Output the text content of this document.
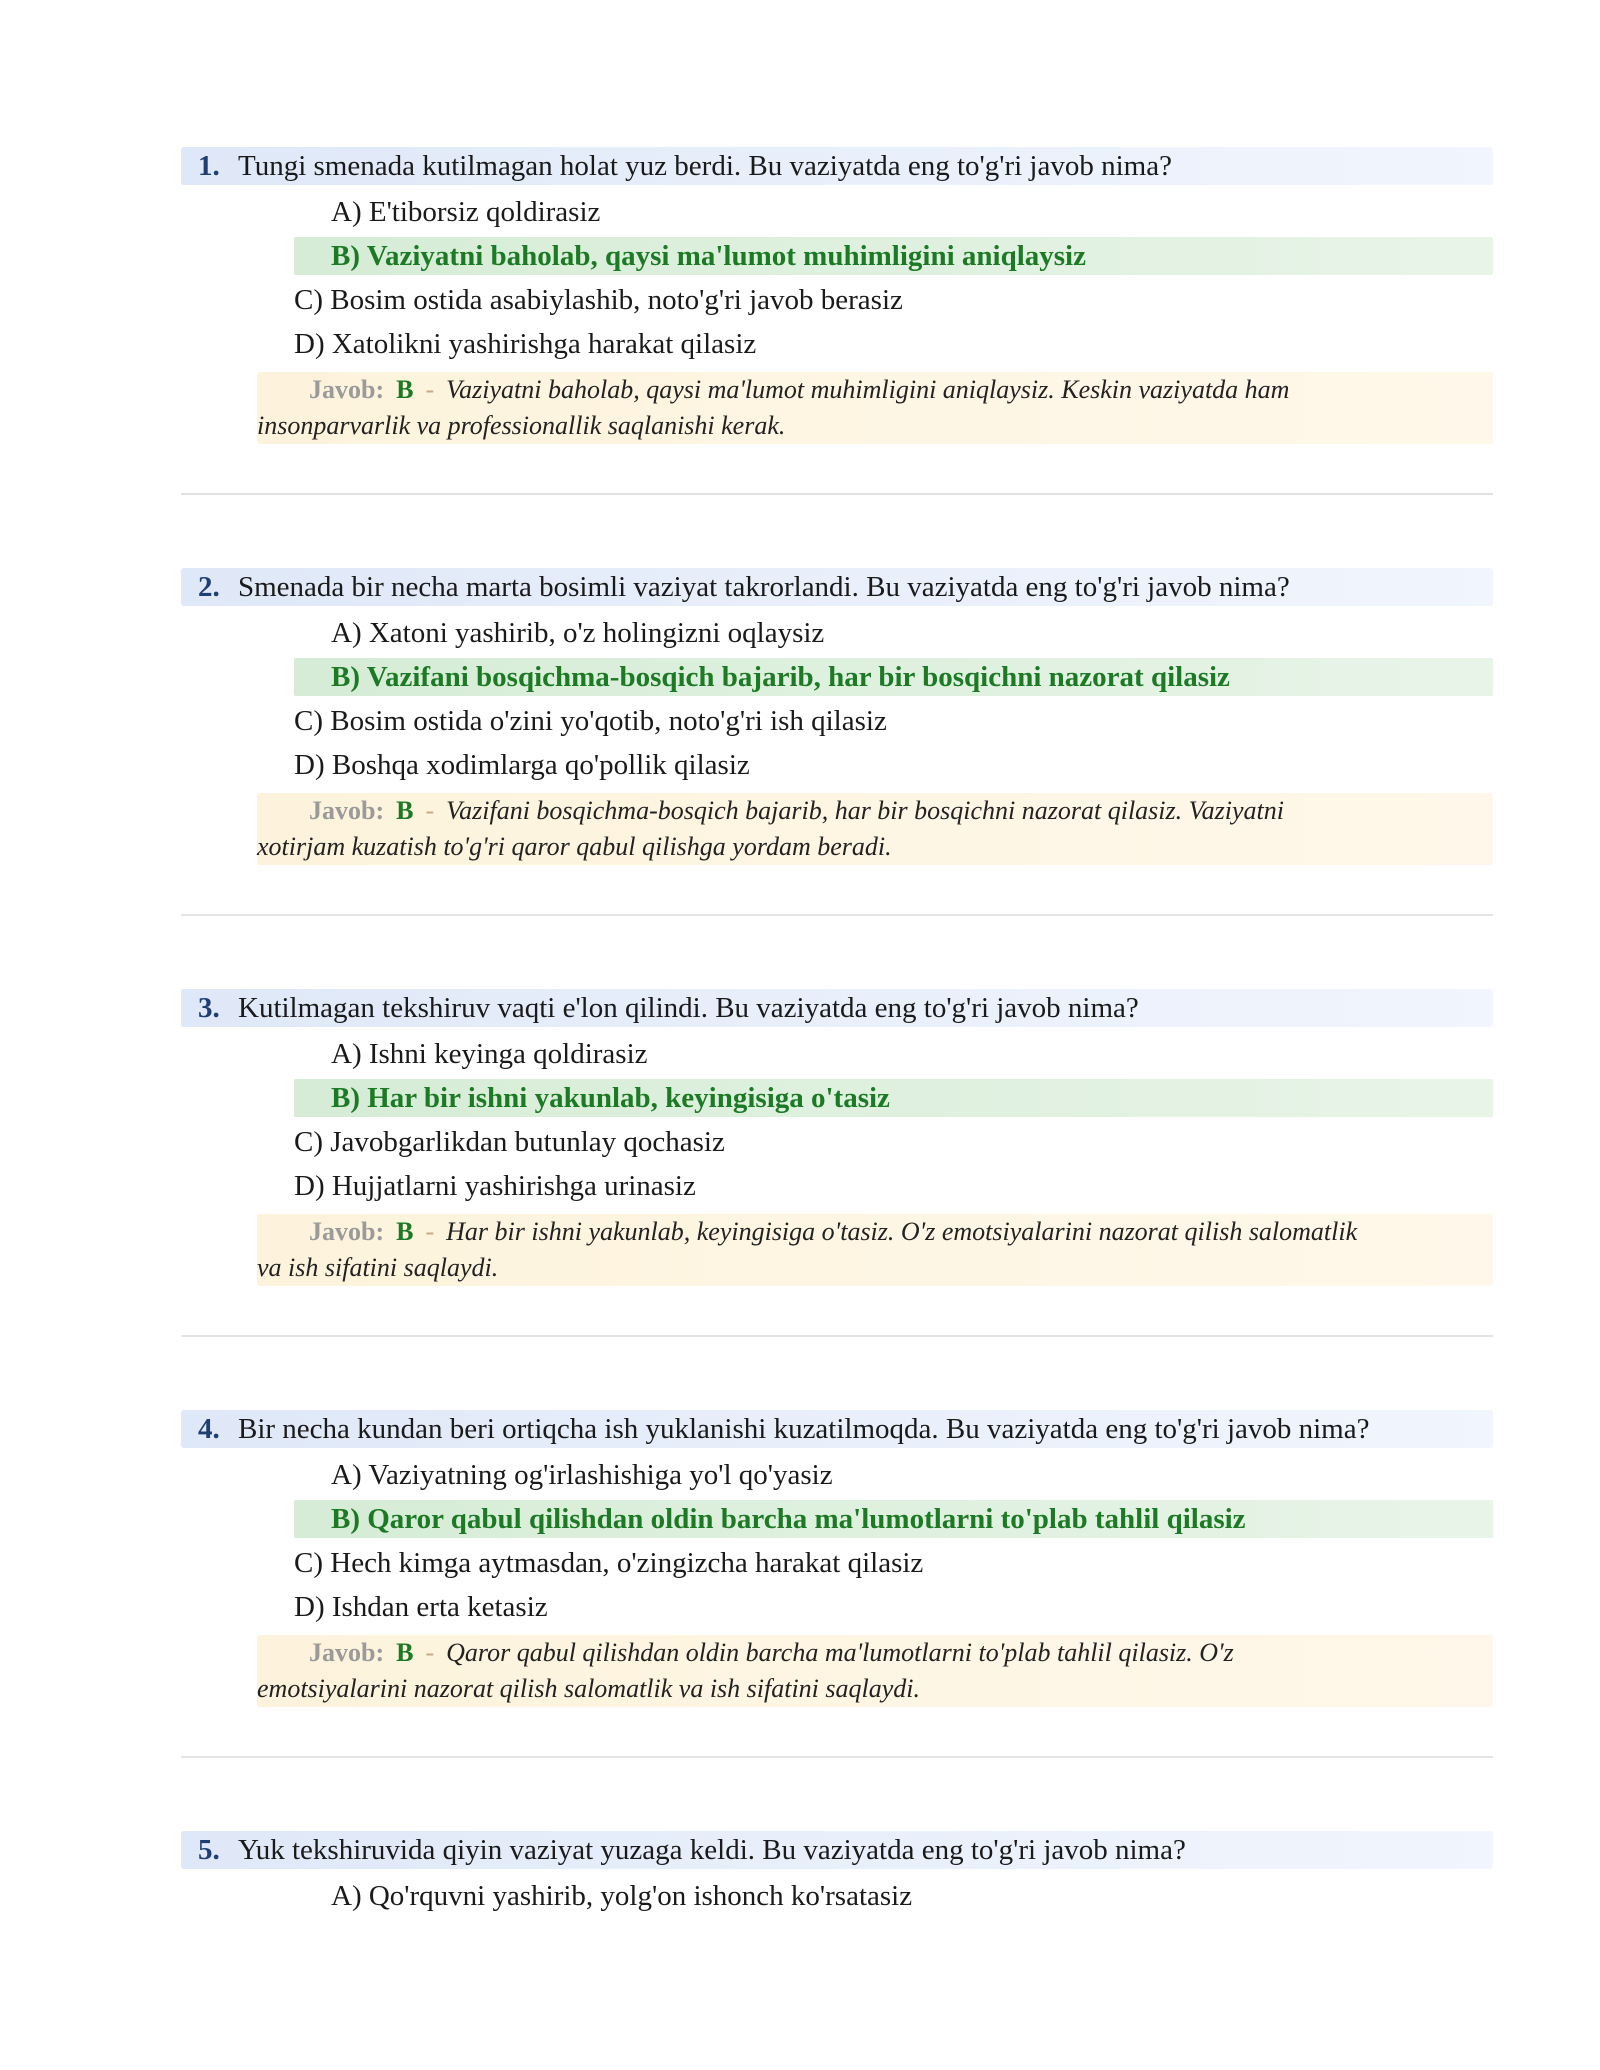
1. Tungi smenada kutilmagan holat yuz berdi. Bu vaziyatda eng to'g'ri javob nima?
A) E'tiborsiz qoldirasiz
B) Vaziyatni baholab, qaysi ma'lumot muhimligini aniqlaysiz
C) Bosim ostida asabiylashib, noto'g'ri javob berasiz
D) Xatolikni yashirishga harakat qilasiz
Javob: B - Vaziyatni baholab, qaysi ma'lumot muhimligini aniqlaysiz. Keskin vaziyatda ham
insonparvarlik va professionallik saqlanishi kerak.
2. Smenada bir necha marta bosimli vaziyat takrorlandi. Bu vaziyatda eng to'g'ri javob nima?
A) Xatoni yashirib, o'z holingizni oqlaysiz
B) Vazifani bosqichma-bosqich bajarib, har bir bosqichni nazorat qilasiz
C) Bosim ostida o'zini yo'qotib, noto'g'ri ish qilasiz
D) Boshqa xodimlarga qo'pollik qilasiz
Javob: B - Vazifani bosqichma-bosqich bajarib, har bir bosqichni nazorat qilasiz. Vaziyatni
xotirjam kuzatish to'g'ri qaror qabul qilishga yordam beradi.
3. Kutilmagan tekshiruv vaqti e'lon qilindi. Bu vaziyatda eng to'g'ri javob nima?
A) Ishni keyinga qoldirasiz
B) Har bir ishni yakunlab, keyingisiga o'tasiz
C) Javobgarlikdan butunlay qochasiz
D) Hujjatlarni yashirishga urinasiz
Javob: B - Har bir ishni yakunlab, keyingisiga o'tasiz. O'z emotsiyalarini nazorat qilish salomatlik
va ish sifatini saqlaydi.
4. Bir necha kundan beri ortiqcha ish yuklanishi kuzatilmoqda. Bu vaziyatda eng to'g'ri javob nima?
A) Vaziyatning og'irlashishiga yo'l qo'yasiz
B) Qaror qabul qilishdan oldin barcha ma'lumotlarni to'plab tahlil qilasiz
C) Hech kimga aytmasdan, o'zingizcha harakat qilasiz
D) Ishdan erta ketasiz
Javob: B - Qaror qabul qilishdan oldin barcha ma'lumotlarni to'plab tahlil qilasiz. O'z
emotsiyalarini nazorat qilish salomatlik va ish sifatini saqlaydi.
5. Yuk tekshiruvida qiyin vaziyat yuzaga keldi. Bu vaziyatda eng to'g'ri javob nima?
A) Qo'rquvni yashirib, yolg'on ishonch ko'rsatasiz
